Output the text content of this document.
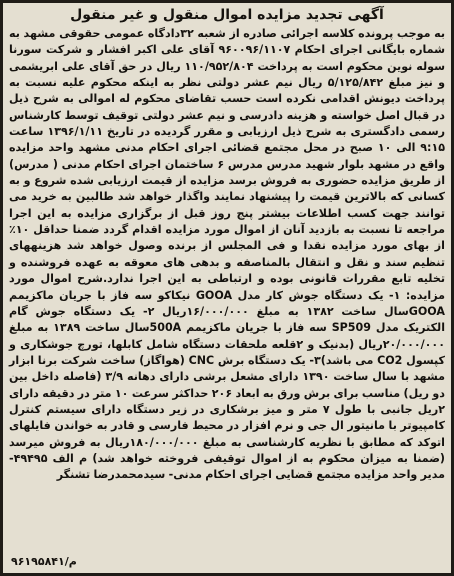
آگهی تجدید مزایده اموال منقول و غیر منقول

به موجب پرونده کلاسه اجرائی صادره از شعبه ۳۲دادگاه عمومی حقوقی مشهد به شماره بایگانی اجرای احکام ۹۶۰۰۹۶/۱۱۰۷ آقای علی اکبر افشار و شرکت سورنا سوله نوین محکوم است به پرداخت ۱۱۰/۹۵۲/۸۰۴ ریال در حق آقای علی ابریشمی و نیز مبلغ ۵/۱۲۵/۸۴۲ ریال نیم عشر دولتی نظر به اینکه محکوم علیه نسبت به پرداخت دیونش اقدامی نکرده است حسب تقاضای محکوم له اموالی به شرح ذیل در قبال اصل خواسته و هزینه دادرسی و نیم عشر دولتی توقیف توسط کارشناس رسمی دادگستری به شرح ذیل ارزیابی و مقرر گردیده در تاریخ ۱۳۹۶/۱/۱۱ ساعت ۹:۱۵ الی ۱۰ صبح در محل مجتمع قضائی اجرای احکام مدنی مشهد واحد مزایده واقع در مشهد بلوار شهید مدرس مدرس ۶ ساختمان اجرای احکام مدنی ( مدرس) از طریق مزایده حضوری به فروش برسد مزایده از قیمت ارزیابی شده شروع و به کسانی که بالاترین قیمت را پیشنهاد نمایند واگذار خواهد شد طالبین به خرید می توانند جهت کسب اطلاعات بیشتر پنج روز قبل از برگزاری مزایده به این اجرا مراجعه تا نسبت به بازدید آنان از اموال مورد مزایده اقدام گردد ضمنا حداقل ۱۰٪ از بهای مورد مزایده نقدا و فی المجلس از برنده وصول خواهد شد هزینههای تنظیم سند و نقل و انتقال بالمناصفه و بدهی های معوقه به عهده فروشنده و تخلیه تابع مقررات قانونی بوده و ارتباطی به این اجرا ندارد.شرح اموال مورد مزایده: ۱- یک دستگاه جوش کار مدل GOOA نیکاکو سه فاز با جریان ماکزیمم GOOAسال ساخت ۱۳۸۲ به مبلغ ۱۶/۰۰۰/۰۰۰ریال ۲- یک دستگاه جوش گام الکتریک مدل SP509 سه فاز با جریان ماکزیمم 500Aسال ساخت ۱۳۸۹ به مبلغ ۲۰/۰۰۰/۰۰۰ریال (بدنیک و ۲قلعه ملحقات دستگاه شامل کابلها، تورچ جوشکاری و کپسول CO2 می باشد)۳- یک دستگاه برش CNC (هواگاز) ساخت شرکت برنا ابزار مشهد با سال ساخت ۱۳۹۰ دارای مشعل برشی دارای دهانه ۳/۹ (فاصله داخل بین دو ریل) مناسب برای برش ورق به ابعاد ۲۰۶ حداکثر سرعت ۱۰ متر در دقیقه دارای ۲ریل جانبی با طول ۷ متر و میز برشکاری در زیر دستگاه دارای سیستم کنترل کامپیوتر با مانیتور ال جی و نرم افزار در محیط فارسی و قادر به خواندن فایلهای اتوکد که مطابق با نظریه کارشناسی به مبلغ ۱۸۰/۰۰۰/۰۰۰ریال به فروش میرسد (ضمنا به میزان محکوم به از اموال توقیفی فروخته خواهد شد) م الف ۴۹۴۹۵-مدیر واحد مزایده مجتمع قضایی اجرای احکام مدنی- سیدمحمدرضا تشنگر

۹۶۱۹۵۸۴۱/م
